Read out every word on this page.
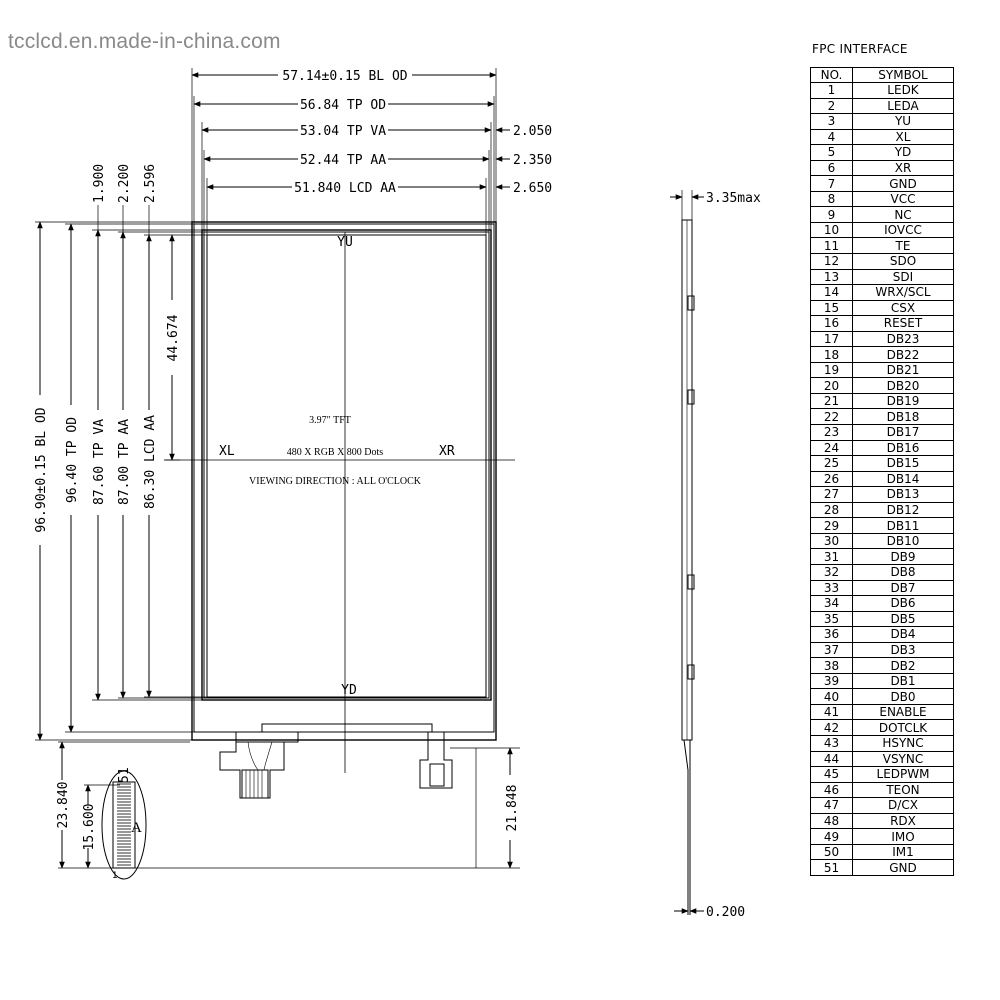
tcclcd.en.made-in-china.com
57.14±0.15 BL OD
56.84 TP OD
53.04 TP VA
52.44 TP AA
51.840 LCD AA
2.050
2.350
2.650
1.900 2.200 2.596
96.90±0.15 BL OD 96.40 TP OD 87.60 TP VA 87.00 TP AA 86.30 LCD AA
44.674
23.840 15.600	21.848
3.35max
0.200
51
A
1
YU
YD
XL	XR
3.97″ TFT
480 X RGB X 800 Dots
VIEWING DIRECTION : ALL O'CLOCK
FPC INTERFACE
NO.	SYMBOL
1	LEDK
2	LEDA
3	YU
4	XL
5	YD
6	XR
7	GND
8	VCC
9	NC
10	IOVCC
11	TE
12	SDO
13	SDI
14	WRX/SCL
15	CSX
16	RESET
17	DB23
18	DB22
19	DB21
20	DB20
21	DB19
22	DB18
23	DB17
24	DB16
25	DB15
26	DB14
27	DB13
28	DB12
29	DB11
30	DB10
31	DB9
32	DB8
33	DB7
34	DB6
35	DB5
36	DB4
37	DB3
38	DB2
39	DB1
40	DB0
41	ENABLE
42	DOTCLK
43	HSYNC
44	VSYNC
45	LEDPWM
46	TEON
47	D/CX
48	RDX
49	IMO
50	IM1
51	GND
